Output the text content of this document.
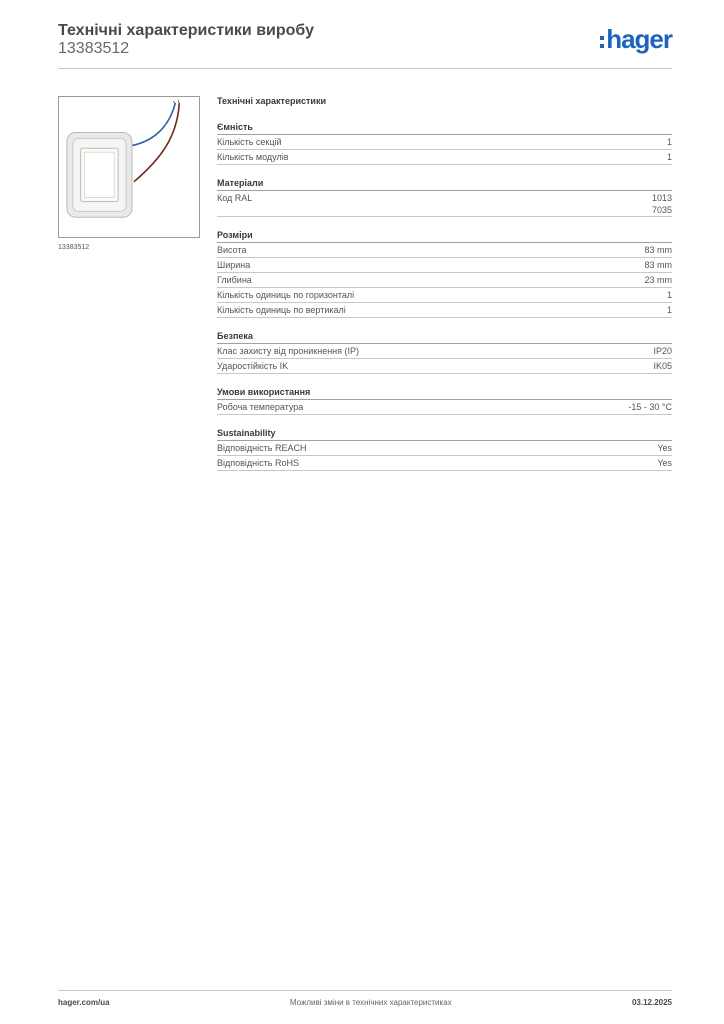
Технічні характеристики виробу
13383512	hager
13383512
Технічні характеристики
Ємність
Кількість секцій	1
Кількість модулів	1
Матеріали
Код RAL	1013
7035
Розміри
Висота	83 mm
Ширина	83 mm
Глибина	23 mm
Кількість одиниць по горизонталі	1
Кількість одиниць по вертикалі	1
Безпека
Клас захисту від проникнення (IP)	IP20
Ударостійкість IK	IK05
Умови використання
Робоча температура	-15 - 30 °C
Sustainability
Відповідність REACH	Yes
Відповідність RoHS	Yes
hager.com/ua	Можливі зміни в технічних характеристиках	03.12.2025
